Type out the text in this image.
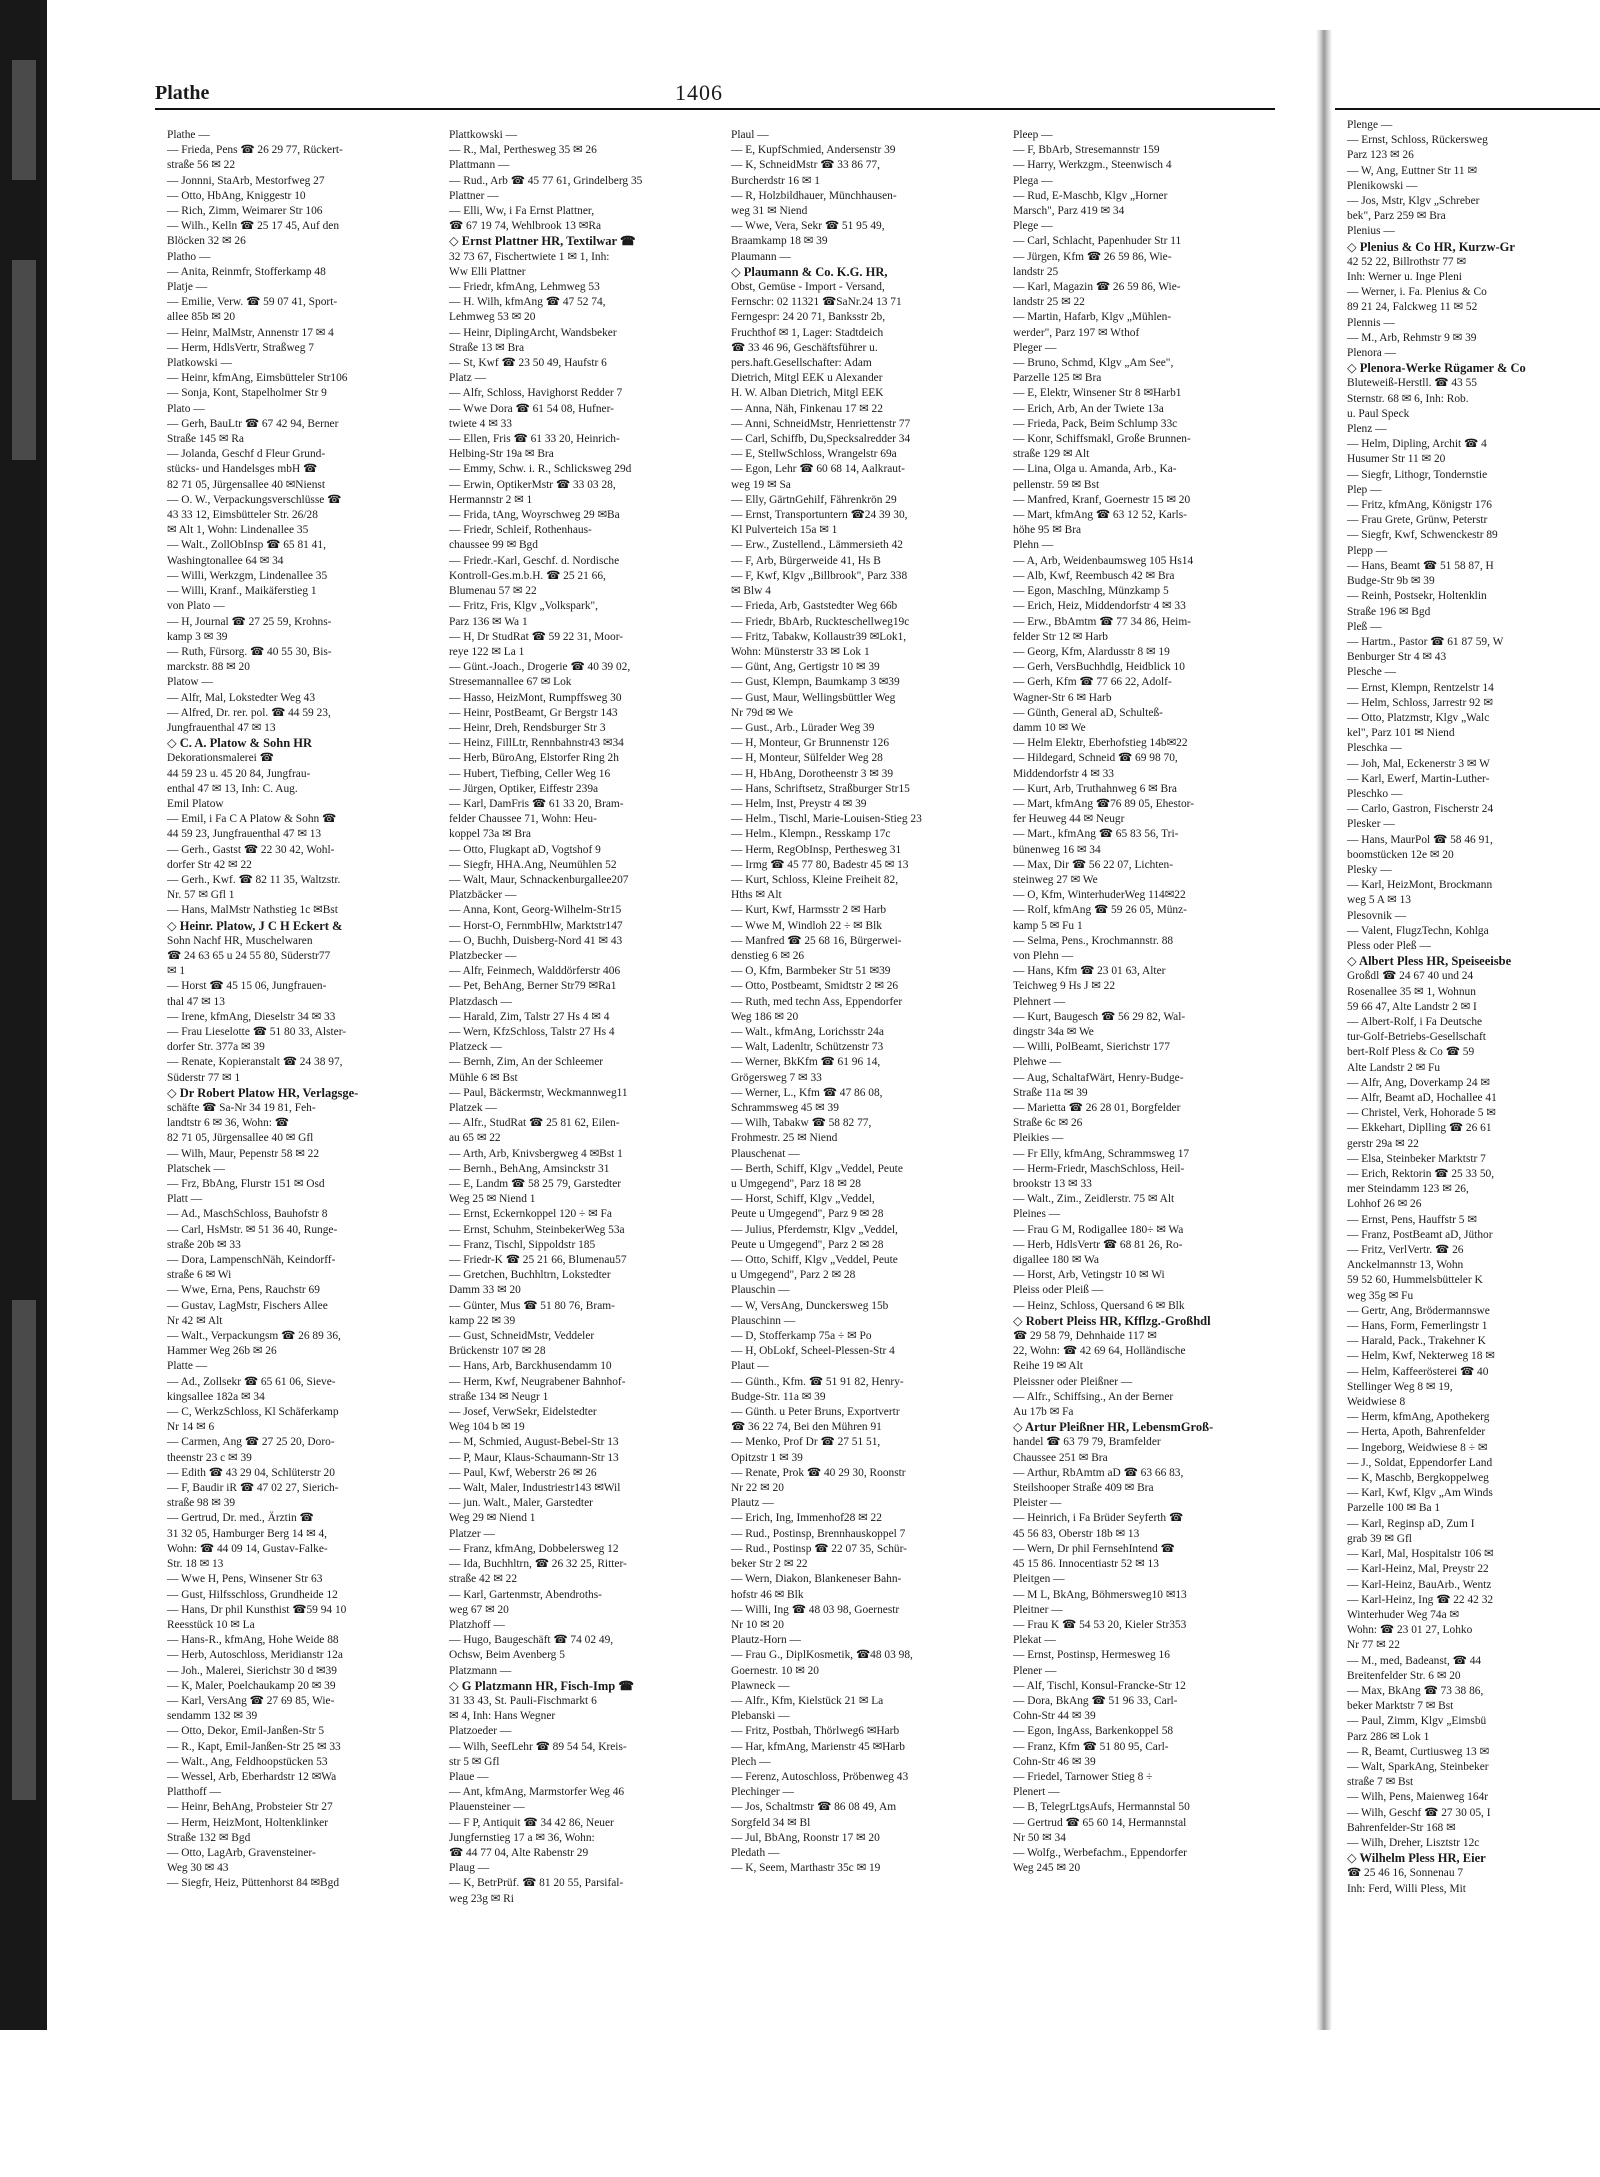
Plathe	1406
Plathe —
— Frieda, Pens ☎ 26 29 77, Rückert-
straße 56 ✉ 22
— Jonnni, StaArb, Mestorfweg 27
— Otto, HbAng, Kniggestr 10
— Rich, Zimm, Weimarer Str 106
— Wilh., Kelln ☎ 25 17 45, Auf den
Blöcken 32 ✉ 26
Platho —
— Anita, Reinmfr, Stofferkamp 48
Platje —
— Emilie, Verw. ☎ 59 07 41, Sport-
allee 85b ✉ 20
— Heinr, MalMstr, Annenstr 17 ✉ 4
— Herm, HdlsVertr, Straßweg 7
Platkowski —
— Heinr, kfmAng, Eimsbütteler Str106
— Sonja, Kont, Stapelholmer Str 9
Plato —
— Gerh, BauLtr ☎ 67 42 94, Berner
Straße 145 ✉ Ra
— Jolanda, Geschf d Fleur Grund-
stücks- und Handelsges mbH ☎
82 71 05, Jürgensallee 40 ✉Nienst
— O. W., Verpackungsverschlüsse ☎
43 33 12, Eimsbütteler Str. 26/28
✉ Alt 1, Wohn: Lindenallee 35
— Walt., ZollObInsp ☎ 65 81 41,
Washingtonallee 64 ✉ 34
— Willi, Werkzgm, Lindenallee 35
— Willi, Kranf., Maikäferstieg 1
von Plato —
— H, Journal ☎ 27 25 59, Krohns-
kamp 3 ✉ 39
— Ruth, Fürsorg. ☎ 40 55 30, Bis-
marckstr. 88 ✉ 20
Platow —
— Alfr, Mal, Lokstedter Weg 43
— Alfred, Dr. rer. pol. ☎ 44 59 23,
Jungfrauenthal 47 ✉ 13
◇ C. A. Platow & Sohn HR
Dekorationsmalerei ☎
44 59 23 u. 45 20 84, Jungfrau-
enthal 47 ✉ 13, Inh: C. Aug.
Emil Platow
— Emil, i Fa C A Platow & Sohn ☎
44 59 23, Jungfrauenthal 47 ✉ 13
— Gerh., Gastst ☎ 22 30 42, Wohl-
dorfer Str 42 ✉ 22
— Gerh., Kwf. ☎ 82 11 35, Waltzstr.
Nr. 57 ✉ Gfl 1
— Hans, MalMstr Nathstieg 1c ✉Bst
◇ Heinr. Platow, J C H Eckert &
Sohn Nachf HR, Muschelwaren
☎ 24 63 65 u 24 55 80, Süderstr77
✉ 1
— Horst ☎ 45 15 06, Jungfrauen-
thal 47 ✉ 13
— Irene, kfmAng, Dieselstr 34 ✉ 33
— Frau Lieselotte ☎ 51 80 33, Alster-
dorfer Str. 377a ✉ 39
— Renate, Kopieranstalt ☎ 24 38 97,
Süderstr 77 ✉ 1
◇ Dr Robert Platow HR, Verlagsge-
schäfte ☎ Sa-Nr 34 19 81, Feh-
landtstr 6 ✉ 36, Wohn: ☎
82 71 05, Jürgensallee 40 ✉ Gfl
— Wilh, Maur, Pepenstr 58 ✉ 22
Platschek —
— Frz, BbAng, Flurstr 151 ✉ Osd
Platt —
— Ad., MaschSchloss, Bauhofstr 8
— Carl, HsMstr. ✉ 51 36 40, Runge-
straße 20b ✉ 33
— Dora, LampenschNäh, Keindorff-
straße 6 ✉ Wi
— Wwe, Erna, Pens, Rauchstr 69
— Gustav, LagMstr, Fischers Allee
Nr 42 ✉ Alt
— Walt., Verpackungsm ☎ 26 89 36,
Hammer Weg 26b ✉ 26
Platte —
— Ad., Zollsekr ☎ 65 61 06, Sieve-
kingsallee 182a ✉ 34
— C, WerkzSchloss, Kl Schäferkamp
Nr 14 ✉ 6
— Carmen, Ang ☎ 27 25 20, Doro-
theenstr 23 c ✉ 39
— Edith ☎ 43 29 04, Schlüterstr 20
— F, Baudir iR ☎ 47 02 27, Sierich-
straße 98 ✉ 39
— Gertrud, Dr. med., Ärztin ☎
31 32 05, Hamburger Berg 14 ✉ 4,
Wohn: ☎ 44 09 14, Gustav-Falke-
Str. 18 ✉ 13
— Wwe H, Pens, Winsener Str 63
— Gust, Hilfsschloss, Grundheide 12
— Hans, Dr phil Kunsthist ☎59 94 10
Reesstück 10 ✉ La
— Hans-R., kfmAng, Hohe Weide 88
— Herb, Autoschloss, Meridianstr 12a
— Joh., Malerei, Sierichstr 30 d ✉39
— K, Maler, Poelchaukamp 20 ✉ 39
— Karl, VersAng ☎ 27 69 85, Wie-
sendamm 132 ✉ 39
— Otto, Dekor, Emil-Janßen-Str 5
— R., Kapt, Emil-Janßen-Str 25 ✉ 33
— Walt., Ang, Feldhoopstücken 53
— Wessel, Arb, Eberhardstr 12 ✉Wa
Platthoff —
— Heinr, BehAng, Probsteier Str 27
— Herm, HeizMont, Holtenklinker
Straße 132 ✉ Bgd
— Otto, LagArb, Gravensteiner-
Weg 30 ✉ 43
— Siegfr, Heiz, Püttenhorst 84 ✉Bgd
Plattkowski —
— R., Mal, Perthesweg 35 ✉ 26
Plattmann —
— Rud., Arb ☎ 45 77 61, Grindelberg 35
Plattner —
— Elli, Ww, i Fa Ernst Plattner,
☎ 67 19 74, Wehlbrook 13 ✉Ra
◇ Ernst Plattner HR, Textilwar ☎
32 73 67, Fischertwiete 1 ✉ 1, Inh:
Ww Elli Plattner
— Friedr, kfmAng, Lehmweg 53
— H. Wilh, kfmAng ☎ 47 52 74,
Lehmweg 53 ✉ 20
— Heinr, DiplingArcht, Wandsbeker
Straße 13 ✉ Bra
— St, Kwf ☎ 23 50 49, Haufstr 6
Platz —
— Alfr, Schloss, Havighorst Redder 7
— Wwe Dora ☎ 61 54 08, Hufner-
twiete 4 ✉ 33
— Ellen, Fris ☎ 61 33 20, Heinrich-
Helbing-Str 19a ✉ Bra
— Emmy, Schw. i. R., Schlicksweg 29d
— Erwin, OptikerMstr ☎ 33 03 28,
Hermannstr 2 ✉ 1
— Frida, tAng, Woyrschweg 29 ✉Ba
— Friedr, Schleif, Rothenhaus-
chaussee 99 ✉ Bgd
— Friedr.-Karl, Geschf. d. Nordische
Kontroll-Ges.m.b.H. ☎ 25 21 66,
Blumenau 57 ✉ 22
— Fritz, Fris, Klgv „Volkspark",
Parz 136 ✉ Wa 1
— H, Dr StudRat ☎ 59 22 31, Moor-
reye 122 ✉ La 1
— Günt.-Joach., Drogerie ☎ 40 39 02,
Stresemannallee 67 ✉ Lok
— Hasso, HeizMont, Rumpffsweg 30
— Heinr, PostBeamt, Gr Bergstr 143
— Heinr, Dreh, Rendsburger Str 3
— Heinz, FillLtr, Rennbahnstr43 ✉34
— Herb, BüroAng, Elstorfer Ring 2h
— Hubert, Tiefbing, Celler Weg 16
— Jürgen, Optiker, Eiffestr 239a
— Karl, DamFris ☎ 61 33 20, Bram-
felder Chaussee 71, Wohn: Heu-
koppel 73a ✉ Bra
— Otto, Flugkapt aD, Vogtshof 9
— Siegfr, HHA.Ang, Neumühlen 52
— Walt, Maur, Schnackenburgallee207
Platzbäcker —
— Anna, Kont, Georg-Wilhelm-Str15
— Horst-O, FernmbHlw, Marktstr147
— O, Buchh, Duisberg-Nord 41 ✉ 43
Platzbecker —
— Alfr, Feinmech, Walddörferstr 406
— Pet, BehAng, Berner Str79 ✉Ra1
Platzdasch —
— Harald, Zim, Talstr 27 Hs 4 ✉ 4
— Wern, KfzSchloss, Talstr 27 Hs 4
Platzeck —
— Bernh, Zim, An der Schleemer
Mühle 6 ✉ Bst
— Paul, Bäckermstr, Weckmannweg11
Platzek —
— Alfr., StudRat ☎ 25 81 62, Eilen-
au 65 ✉ 22
— Arth, Arb, Knivsbergweg 4 ✉Bst 1
— Bernh., BehAng, Amsinckstr 31
— E, Landm ☎ 58 25 79, Garstedter
Weg 25 ✉ Niend 1
— Ernst, Eckernkoppel 120 ÷ ✉ Fa
— Ernst, Schuhm, SteinbekerWeg 53a
— Franz, Tischl, Sippoldstr 185
— Friedr-K ☎ 25 21 66, Blumenau57
— Gretchen, Buchhltrn, Lokstedter
Damm 33 ✉ 20
— Günter, Mus ☎ 51 80 76, Bram-
kamp 22 ✉ 39
— Gust, SchneidMstr, Veddeler
Brückenstr 107 ✉ 28
— Hans, Arb, Barckhusendamm 10
— Herm, Kwf, Neugrabener Bahnhof-
straße 134 ✉ Neugr 1
— Josef, VerwSekr, Eidelstedter
Weg 104 b ✉ 19
— M, Schmied, August-Bebel-Str 13
— P, Maur, Klaus-Schaumann-Str 13
— Paul, Kwf, Weberstr 26 ✉ 26
— Walt, Maler, Industriestr143 ✉Wil
— jun. Walt., Maler, Garstedter
Weg 29 ✉ Niend 1
Platzer —
— Franz, kfmAng, Dobbelersweg 12
— Ida, Buchhltrn, ☎ 26 32 25, Ritter-
straße 42 ✉ 22
— Karl, Gartenmstr, Abendroths-
weg 67 ✉ 20
Platzhoff —
— Hugo, Baugeschäft ☎ 74 02 49,
Ochsw, Beim Avenberg 5
Platzmann —
◇ G Platzmann HR, Fisch-Imp ☎
31 33 43, St. Pauli-Fischmarkt 6
✉ 4, Inh: Hans Wegner
Platzoeder —
— Wilh, SeefLehr ☎ 89 54 54, Kreis-
str 5 ✉ Gfl
Plaue —
— Ant, kfmAng, Marmstorfer Weg 46
Plauensteiner —
— F P, Antiquit ☎ 34 42 86, Neuer
Jungfernstieg 17 a ✉ 36, Wohn:
☎ 44 77 04, Alte Rabenstr 29
Plaug —
— K, BetrPrüf. ☎ 81 20 55, Parsifal-
weg 23g ✉ Ri
Plaul —
— E, KupfSchmied, Andersenstr 39
— K, SchneidMstr ☎ 33 86 77,
Burcherdstr 16 ✉ 1
— R, Holzbildhauer, Münchhausen-
weg 31 ✉ Niend
— Wwe, Vera, Sekr ☎ 51 95 49,
Braamkamp 18 ✉ 39
Plaumann —
◇ Plaumann & Co. K.G. HR,
Obst, Gemüse - Import - Versand,
Fernschr: 02 11321 ☎SaNr.24 13 71
Ferngespr: 24 20 71, Banksstr 2b,
Fruchthof ✉ 1, Lager: Stadtdeich
☎ 33 46 96, Geschäftsführer u.
pers.haft.Gesellschafter: Adam
Dietrich, Mitgl EEK u Alexander
H. W. Alban Dietrich, Mitgl EEK
— Anna, Näh, Finkenau 17 ✉ 22
— Anni, SchneidMstr, Henriettenstr 77
— Carl, Schiffb, Du,Specksalredder 34
— E, StellwSchloss, Wrangelstr 69a
— Egon, Lehr ☎ 60 68 14, Aalkraut-
weg 19 ✉ Sa
— Elly, GärtnGehilf, Fährenkrön 29
— Ernst, Transportuntern ☎24 39 30,
Kl Pulverteich 15a ✉ 1
— Erw., Zustellend., Lämmersieth 42
— F, Arb, Bürgerweide 41, Hs B
— F, Kwf, Klgv „Billbrook", Parz 338
✉ Blw 4
— Frieda, Arb, Gaststedter Weg 66b
— Friedr, BbArb, Ruckteschellweg19c
— Fritz, Tabakw, Kollaustr39 ✉Lok1,
Wohn: Münsterstr 33 ✉ Lok 1
— Günt, Ang, Gertigstr 10 ✉ 39
— Gust, Klempn, Baumkamp 3 ✉39
— Gust, Maur, Wellingsbüttler Weg
Nr 79d ✉ We
— Gust., Arb., Lürader Weg 39
— H, Monteur, Gr Brunnenstr 126
— H, Monteur, Sülfelder Weg 28
— H, HbAng, Dorotheenstr 3 ✉ 39
— Hans, Schriftsetz, Straßburger Str15
— Helm, Inst, Preystr 4 ✉ 39
— Helm., Tischl, Marie-Louisen-Stieg 23
— Helm., Klempn., Resskamp 17c
— Herm, RegObInsp, Perthesweg 31
— Irmg ☎ 45 77 80, Badestr 45 ✉ 13
— Kurt, Schloss, Kleine Freiheit 82,
Hths ✉ Alt
— Kurt, Kwf, Harmsstr 2 ✉ Harb
— Wwe M, Windloh 22 ÷ ✉ Blk
— Manfred ☎ 25 68 16, Bürgerwei-
denstieg 6 ✉ 26
— O, Kfm, Barmbeker Str 51 ✉39
— Otto, Postbeamt, Smidtstr 2 ✉ 26
— Ruth, med techn Ass, Eppendorfer
Weg 186 ✉ 20
— Walt., kfmAng, Lorichsstr 24a
— Walt, Ladenltr, Schützenstr 73
— Werner, BkKfm ☎ 61 96 14,
Grögersweg 7 ✉ 33
— Werner, L., Kfm ☎ 47 86 08,
Schrammsweg 45 ✉ 39
— Wilh, Tabakw ☎ 58 82 77,
Frohmestr. 25 ✉ Niend
Plauschenat —
— Berth, Schiff, Klgv „Veddel, Peute
u Umgegend", Parz 18 ✉ 28
— Horst, Schiff, Klgv „Veddel,
Peute u Umgegend", Parz 9 ✉ 28
— Julius, Pferdemstr, Klgv „Veddel,
Peute u Umgegend", Parz 2 ✉ 28
— Otto, Schiff, Klgv „Veddel, Peute
u Umgegend", Parz 2 ✉ 28
Plauschin —
— W, VersAng, Dunckersweg 15b
Plauschinn —
— D, Stofferkamp 75a ÷ ✉ Po
— H, ObLokf, Scheel-Plessen-Str 4
Plaut —
— Günth., Kfm. ☎ 51 91 82, Henry-
Budge-Str. 11a ✉ 39
— Günth. u Peter Bruns, Exportvertr
☎ 36 22 74, Bei den Mühren 91
— Menko, Prof Dr ☎ 27 51 51,
Opitzstr 1 ✉ 39
— Renate, Prok ☎ 40 29 30, Roonstr
Nr 22 ✉ 20
Plautz —
— Erich, Ing, Immenhof28 ✉ 22
— Rud., Postinsp, Brennhauskoppel 7
— Rud., Postinsp ☎ 22 07 35, Schür-
beker Str 2 ✉ 22
— Wern, Diakon, Blankeneser Bahn-
hofstr 46 ✉ Blk
— Willi, Ing ☎ 48 03 98, Goernestr
Nr 10 ✉ 20
Plautz-Horn —
— Frau G., DiplKosmetik, ☎48 03 98,
Goernestr. 10 ✉ 20
Plawneck —
— Alfr., Kfm, Kielstück 21 ✉ La
Plebanski —
— Fritz, Postbah, Thörlweg6 ✉Harb
— Har, kfmAng, Marienstr 45 ✉Harb
Plech —
— Ferenz, Autoschloss, Pröbenweg 43
Plechinger —
— Jos, Schaltmstr ☎ 86 08 49, Am
Sorgfeld 34 ✉ Bl
— Jul, BbAng, Roonstr 17 ✉ 20
Pledath —
— K, Seem, Marthastr 35c ✉ 19
Pleep —
— F, BbArb, Stresemannstr 159
— Harry, Werkzgm., Steenwisch 4
Plega —
— Rud, E-Maschb, Klgv „Horner
Marsch", Parz 419 ✉ 34
Plege —
— Carl, Schlacht, Papenhuder Str 11
— Jürgen, Kfm ☎ 26 59 86, Wie-
landstr 25
— Karl, Magazin ☎ 26 59 86, Wie-
landstr 25 ✉ 22
— Martin, Hafarb, Klgv „Mühlen-
werder", Parz 197 ✉ Wthof
Pleger —
— Bruno, Schmd, Klgv „Am See",
Parzelle 125 ✉ Bra
— E, Elektr, Winsener Str 8 ✉Harb1
— Erich, Arb, An der Twiete 13a
— Frieda, Pack, Beim Schlump 33c
— Konr, Schiffsmakl, Große Brunnen-
straße 129 ✉ Alt
— Lina, Olga u. Amanda, Arb., Ka-
pellenstr. 59 ✉ Bst
— Manfred, Kranf, Goernestr 15 ✉ 20
— Mart, kfmAng ☎ 63 12 52, Karls-
höhe 95 ✉ Bra
Plehn —
— A, Arb, Weidenbaumsweg 105 Hs14
— Alb, Kwf, Reembusch 42 ✉ Bra
— Egon, MaschIng, Münzkamp 5
— Erich, Heiz, Middendorfstr 4 ✉ 33
— Erw., BbAmtm ☎ 77 34 86, Heim-
felder Str 12 ✉ Harb
— Georg, Kfm, Alardusstr 8 ✉ 19
— Gerh, VersBuchhdlg, Heidblick 10
— Gerh, Kfm ☎ 77 66 22, Adolf-
Wagner-Str 6 ✉ Harb
— Günth, General aD, Schulteß-
damm 10 ✉ We
— Helm Elektr, Eberhofstieg 14b✉22
— Hildegard, Schneid ☎ 69 98 70,
Middendorfstr 4 ✉ 33
— Kurt, Arb, Truthahnweg 6 ✉ Bra
— Mart, kfmAng ☎76 89 05, Ehestor-
fer Heuweg 44 ✉ Neugr
— Mart., kfmAng ☎ 65 83 56, Tri-
bünenweg 16 ✉ 34
— Max, Dir ☎ 56 22 07, Lichten-
steinweg 27 ✉ We
— O, Kfm, WinterhuderWeg 114✉22
— Rolf, kfmAng ☎ 59 26 05, Münz-
kamp 5 ✉ Fu 1
— Selma, Pens., Krochmannstr. 88
von Plehn —
— Hans, Kfm ☎ 23 01 63, Alter
Teichweg 9 Hs J ✉ 22
Plehnert —
— Kurt, Baugesch ☎ 56 29 82, Wal-
dingstr 34a ✉ We
— Willi, PolBeamt, Sierichstr 177
Plehwe —
— Aug, SchaltafWärt, Henry-Budge-
Straße 11a ✉ 39
— Marietta ☎ 26 28 01, Borgfelder
Straße 6c ✉ 26
Pleikies —
— Fr Elly, kfmAng, Schrammsweg 17
— Herm-Friedr, MaschSchloss, Heil-
brookstr 13 ✉ 33
— Walt., Zim., Zeidlerstr. 75 ✉ Alt
Pleines —
— Frau G M, Rodigallee 180÷ ✉ Wa
— Herb, HdlsVertr ☎ 68 81 26, Ro-
digallee 180 ✉ Wa
— Horst, Arb, Vetingstr 10 ✉ Wi
Pleiss oder Pleiß —
— Heinz, Schloss, Quersand 6 ✉ Blk
◇ Robert Pleiss HR, Kfflzg.-Großhdl
☎ 29 58 79, Dehnhaide 117 ✉
22, Wohn: ☎ 42 69 64, Holländische
Reihe 19 ✉ Alt
Pleissner oder Pleißner —
— Alfr., Schiffsing., An der Berner
Au 17b ✉ Fa
◇ Artur Pleißner HR, LebensmGroß-
handel ☎ 63 79 79, Bramfelder
Chaussee 251 ✉ Bra
— Arthur, RbAmtm aD ☎ 63 66 83,
Steilshooper Straße 409 ✉ Bra
Pleister —
— Heinrich, i Fa Brüder Seyferth ☎
45 56 83, Oberstr 18b ✉ 13
— Wern, Dr phil FernsehIntend ☎
45 15 86. Innocentiastr 52 ✉ 13
Pleitgen —
— M L, BkAng, Böhmersweg10 ✉13
Pleitner —
— Frau K ☎ 54 53 20, Kieler Str353
Plekat —
— Ernst, Postinsp, Hermesweg 16
Plener —
— Alf, Tischl, Konsul-Francke-Str 12
— Dora, BkAng ☎ 51 96 33, Carl-
Cohn-Str 44 ✉ 39
— Egon, IngAss, Barkenkoppel 58
— Franz, Kfm ☎ 51 80 95, Carl-
Cohn-Str 46 ✉ 39
— Friedel, Tarnower Stieg 8 ÷
Plenert —
— B, TelegrLtgsAufs, Hermannstal 50
— Gertrud ☎ 65 60 14, Hermannstal
Nr 50 ✉ 34
— Wolfg., Werbefachm., Eppendorfer
Weg 245 ✉ 20
Plenge —
— Ernst, Schloss, Rückersweg
Parz 123 ✉ 26
— W, Ang, Euttner Str 11 ✉
Plenikowski —
— Jos, Mstr, Klgv „Schreber
bek", Parz 259 ✉ Bra
Plenius —
◇ Plenius & Co HR, Kurzw-Gr
42 52 22, Billrothstr 77 ✉
Inh: Werner u. Inge Pleni
— Werner, i. Fa. Plenius & Co
89 21 24, Falckweg 11 ✉ 52
Plennis —
— M., Arb, Rehmstr 9 ✉ 39
Plenora —
◇ Plenora-Werke Rügamer & Co
Bluteweiß-Herstll. ☎ 43 55
Sternstr. 68 ✉ 6, Inh: Rob.
u. Paul Speck
Plenz —
— Helm, Dipling, Archit ☎ 4
Husumer Str 11 ✉ 20
— Siegfr, Lithogr, Tondernstie
Plep —
— Fritz, kfmAng, Königstr 176
— Frau Grete, Grünw, Peterstr
— Siegfr, Kwf, Schwenckestr 89
Plepp —
— Hans, Beamt ☎ 51 58 87, H
Budge-Str 9b ✉ 39
— Reinh, Postsekr, Holtenklin
Straße 196 ✉ Bgd
Pleß —
— Hartm., Pastor ☎ 61 87 59, W
Benburger Str 4 ✉ 43
Plesche —
— Ernst, Klempn, Rentzelstr 14
— Helm, Schloss, Jarrestr 92 ✉
— Otto, Platzmstr, Klgv „Walc
kel", Parz 101 ✉ Niend
Pleschka —
— Joh, Mal, Eckenerstr 3 ✉ W
— Karl, Ewerf, Martin-Luther-
Pleschko —
— Carlo, Gastron, Fischerstr 24
Plesker —
— Hans, MaurPol ☎ 58 46 91,
boomstücken 12e ✉ 20
Plesky —
— Karl, HeizMont, Brockmann
weg 5 A ✉ 13
Plesovnik —
— Valent, FlugzTechn, Kohlga
Pless oder Pleß —
◇ Albert Pless HR, Speiseeisbe
Großdl ☎ 24 67 40 und 24
Rosenallee 35 ✉ 1, Wohnun
59 66 47, Alte Landstr 2 ✉ I
— Albert-Rolf, i Fa Deutsche
tur-Golf-Betriebs-Gesellschaft
bert-Rolf Pless & Co ☎ 59
Alte Landstr 2 ✉ Fu
— Alfr, Ang, Doverkamp 24 ✉
— Alfr, Beamt aD, Hochallee 41
— Christel, Verk, Hohorade 5 ✉
— Ekkehart, Diplling ☎ 26 61
gerstr 29a ✉ 22
— Elsa, Steinbeker Marktstr 7
— Erich, Rektorin ☎ 25 33 50,
mer Steindamm 123 ✉ 26,
Lohhof 26 ✉ 26
— Ernst, Pens, Hauffstr 5 ✉
— Franz, PostBeamt aD, Jüthor
— Fritz, VerlVertr. ☎ 26
Anckelmannstr 13, Wohn
59 52 60, Hummelsbütteler K
weg 35g ✉ Fu
— Gertr, Ang, Brödermannswe
— Hans, Form, Femerlingstr 1
— Harald, Pack., Trakehner K
— Helm, Kwf, Nekterweg 18 ✉
— Helm, Kaffeerösterei ☎ 40
Stellinger Weg 8 ✉ 19,
Weidwiese 8
— Herm, kfmAng, Apothekerg
— Herta, Apoth, Bahrenfelder
— Ingeborg, Weidwiese 8 ÷ ✉
— J., Soldat, Eppendorfer Land
— K, Maschb, Bergkoppelweg
— Karl, Kwf, Klgv „Am Winds
Parzelle 100 ✉ Ba 1
— Karl, Reginsp aD, Zum I
grab 39 ✉ Gfl
— Karl, Mal, Hospitalstr 106 ✉
— Karl-Heinz, Mal, Preystr 22
— Karl-Heinz, BauArb., Wentz
— Karl-Heinz, Ing ☎ 22 42 32
Winterhuder Weg 74a ✉
Wohn: ☎ 23 01 27, Lohko
Nr 77 ✉ 22
— M., med, Badeanst, ☎ 44
Breitenfelder Str. 6 ✉ 20
— Max, BkAng ☎ 73 38 86,
beker Marktstr 7 ✉ Bst
— Paul, Zimm, Klgv „Eimsbü
Parz 286 ✉ Lok 1
— R, Beamt, Curtiusweg 13 ✉
— Walt, SparkAng, Steinbeker
straße 7 ✉ Bst
— Wilh, Pens, Maienweg 164r
— Wilh, Geschf ☎ 27 30 05, I
Bahrenfelder-Str 168 ✉
— Wilh, Dreher, Lisztstr 12c
◇ Wilhelm Pless HR, Eier
☎ 25 46 16, Sonnenau 7
Inh: Ferd, Willi Pless, Mit
